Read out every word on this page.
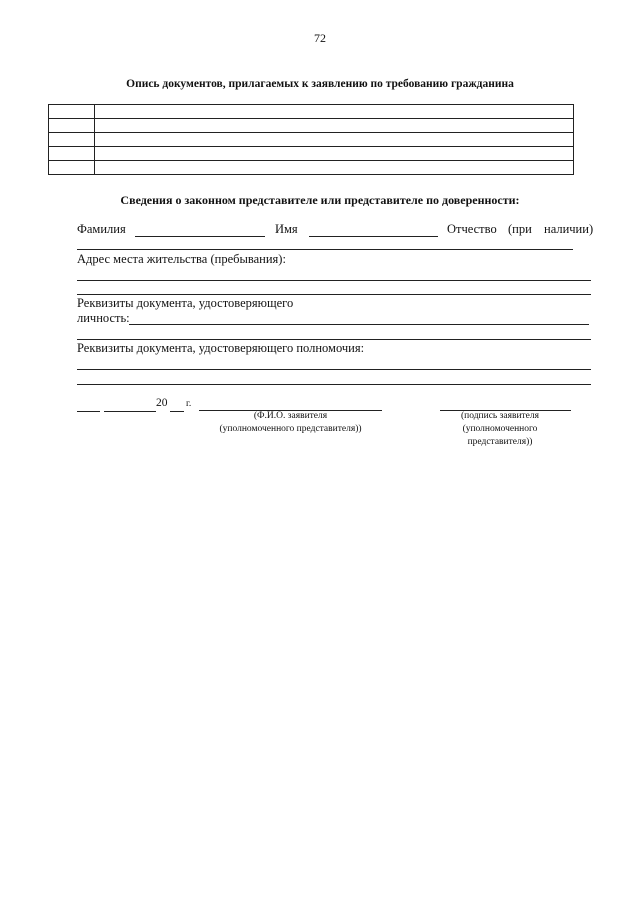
72
Опись документов, прилагаемых к заявлению по требованию гражданина

Сведения о законном представителе или представителе по доверенности:
Фамилия	Имя	Отчество (при наличии)
Адрес места жительства (пребывания):
Реквизиты документа, удостоверяющего
личность:
Реквизиты документа, удостоверяющего полномочия:
20 г.
(Ф.И.О. заявителя
(уполномоченного представителя))
(подпись заявителя
(уполномоченного
представителя))
